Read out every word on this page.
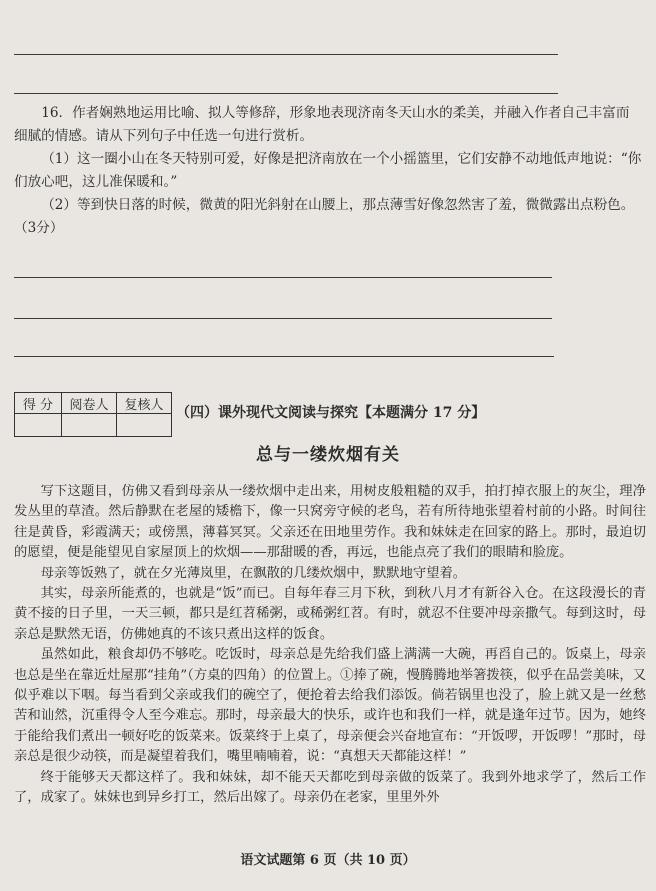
16．作者娴熟地运用比喻、拟人等修辞，形象地表现济南冬天山水的柔美，并融入作者自己丰富而细腻的情感。请从下列句子中任选一句进行赏析。

（1）这一圈小山在冬天特别可爱，好像是把济南放在一个小摇篮里，它们安静不动地低声地说：“你们放心吧，这儿准保暖和。”

（2）等到快日落的时候，微黄的阳光斜射在山腰上，那点薄雪好像忽然害了羞，微微露出点粉色。（3分）

得 分	阅卷人	复核人
		（四）课外现代文阅读与探究【本题满分 17 分】
总与一缕炊烟有关

写下这题目，仿佛又看到母亲从一缕炊烟中走出来，用树皮般粗糙的双手，拍打掉衣服上的灰尘，理净发丛里的草渣。然后静默在老屋的矮檐下，像一只窝旁守候的老鸟，若有所待地张望着村前的小路。时间往往是黄昏，彩霞满天；或傍黑，薄暮冥冥。父亲还在田地里劳作。我和妹妹走在回家的路上。那时，最迫切的愿望，便是能望见自家屋顶上的炊烟——那甜暖的香，再远，也能点亮了我们的眼睛和脸庞。

母亲等饭熟了，就在夕光薄岚里，在飘散的几缕炊烟中，默默地守望着。

其实，母亲所能煮的，也就是“饭”而已。自每年春三月下秋，到秋八月才有新谷入仓。在这段漫长的青黄不接的日子里，一天三顿，都只是红苕稀粥，或稀粥红苕。有时，就忍不住要冲母亲撒气。每到这时，母亲总是默然无语，仿佛她真的不该只煮出这样的饭食。

虽然如此，粮食却仍不够吃。吃饭时，母亲总是先给我们盛上满满一大碗，再舀自己的。饭桌上，母亲也总是坐在靠近灶屋那“挂角”（方桌的四角）的位置上。①捧了碗，慢腾腾地举箸拨筷，似乎在品尝美味，又似乎难以下咽。每当看到父亲或我们的碗空了，便抢着去给我们添饭。倘若锅里也没了，脸上就又是一丝愁苦和讪然，沉重得令人至今难忘。那时，母亲最大的快乐，或许也和我们一样，就是逢年过节。因为，她终于能给我们煮出一顿好吃的饭菜来。饭菜终于上桌了，母亲便会兴奋地宣布：“开饭啰，开饭啰！”那时，母亲总是很少动筷，而是凝望着我们，嘴里喃喃着，说：“真想天天都能这样！”

终于能够天天都这样了。我和妹妹，却不能天天都吃到母亲做的饭菜了。我到外地求学了，然后工作了，成家了。妹妹也到异乡打工，然后出嫁了。母亲仍在老家，里里外外

语文试题第 6 页（共 10 页）
